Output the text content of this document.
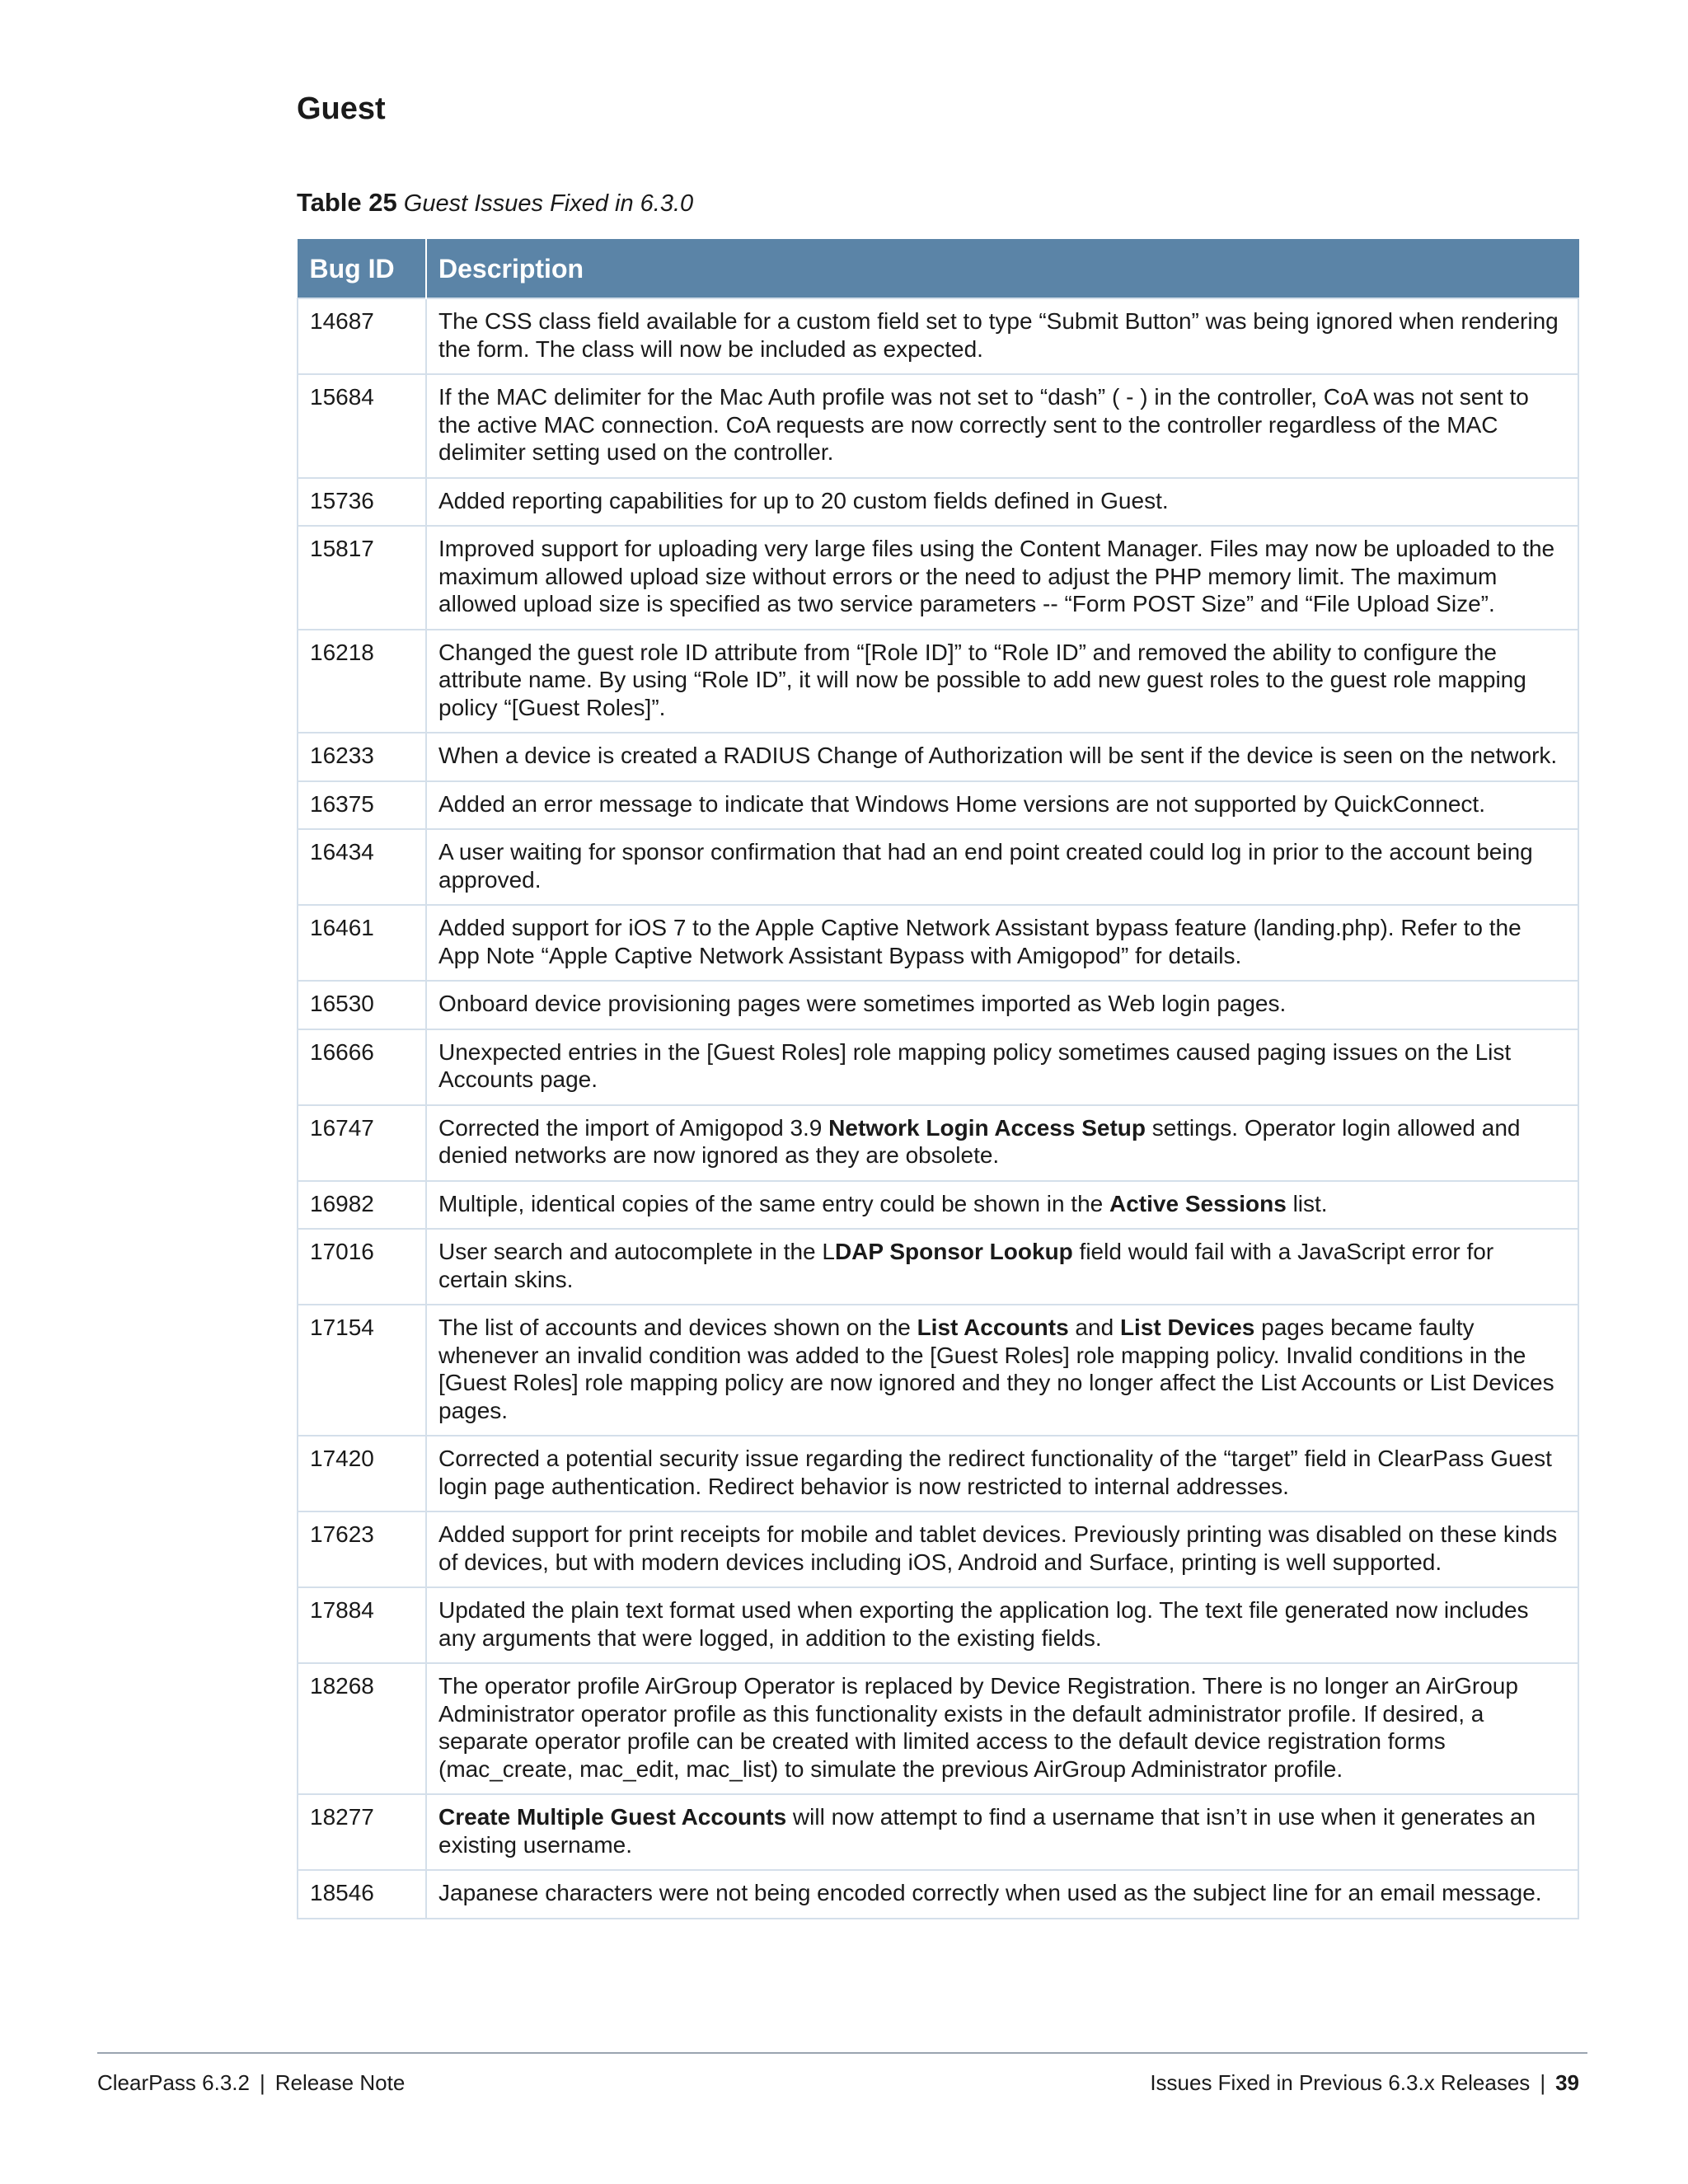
Guest
Table 25 Guest Issues Fixed in 6.3.0
Bug ID	Description
14687	The CSS class field available for a custom field set to type “Submit Button” was being ignored when rendering the form. The class will now be included as expected.
15684	If the MAC delimiter for the Mac Auth profile was not set to “dash” ( - ) in the controller, CoA was not sent to the active MAC connection. CoA requests are now correctly sent to the controller regardless of the MAC delimiter setting used on the controller.
15736	Added reporting capabilities for up to 20 custom fields defined in Guest.
15817	Improved support for uploading very large files using the Content Manager. Files may now be uploaded to the maximum allowed upload size without errors or the need to adjust the PHP memory limit. The maximum allowed upload size is specified as two service parameters -- “Form POST Size” and “File Upload Size”.
16218	Changed the guest role ID attribute from “[Role ID]” to “Role ID” and removed the ability to configure the attribute name. By using “Role ID”, it will now be possible to add new guest roles to the guest role mapping policy “[Guest Roles]”.
16233	When a device is created a RADIUS Change of Authorization will be sent if the device is seen on the network.
16375	Added an error message to indicate that Windows Home versions are not supported by QuickConnect.
16434	A user waiting for sponsor confirmation that had an end point created could log in prior to the account being approved.
16461	Added support for iOS 7 to the Apple Captive Network Assistant bypass feature (landing.php). Refer to the App Note “Apple Captive Network Assistant Bypass with Amigopod” for details.
16530	Onboard device provisioning pages were sometimes imported as Web login pages.
16666	Unexpected entries in the [Guest Roles] role mapping policy sometimes caused paging issues on the List Accounts page.
16747	Corrected the import of Amigopod 3.9 Network Login Access Setup settings. Operator login allowed and denied networks are now ignored as they are obsolete.
16982	Multiple, identical copies of the same entry could be shown in the Active Sessions list.
17016	User search and autocomplete in the LDAP Sponsor Lookup field would fail with a JavaScript error for certain skins.
17154	The list of accounts and devices shown on the List Accounts and List Devices pages became faulty whenever an invalid condition was added to the [Guest Roles] role mapping policy. Invalid conditions in the [Guest Roles] role mapping policy are now ignored and they no longer affect the List Accounts or List Devices pages.
17420	Corrected a potential security issue regarding the redirect functionality of the “target” field in ClearPass Guest login page authentication. Redirect behavior is now restricted to internal addresses.
17623	Added support for print receipts for mobile and tablet devices. Previously printing was disabled on these kinds of devices, but with modern devices including iOS, Android and Surface, printing is well supported.
17884	Updated the plain text format used when exporting the application log. The text file generated now includes any arguments that were logged, in addition to the existing fields.
18268	The operator profile AirGroup Operator is replaced by Device Registration. There is no longer an AirGroup Administrator operator profile as this functionality exists in the default administrator profile. If desired, a separate operator profile can be created with limited access to the default device registration forms (mac_create, mac_edit, mac_list) to simulate the previous AirGroup Administrator profile.
18277	Create Multiple Guest Accounts will now attempt to find a username that isn’t in use when it generates an existing username.
18546	Japanese characters were not being encoded correctly when used as the subject line for an email message.
ClearPass 6.3.2 | Release Note	Issues Fixed in Previous 6.3.x Releases | 39
